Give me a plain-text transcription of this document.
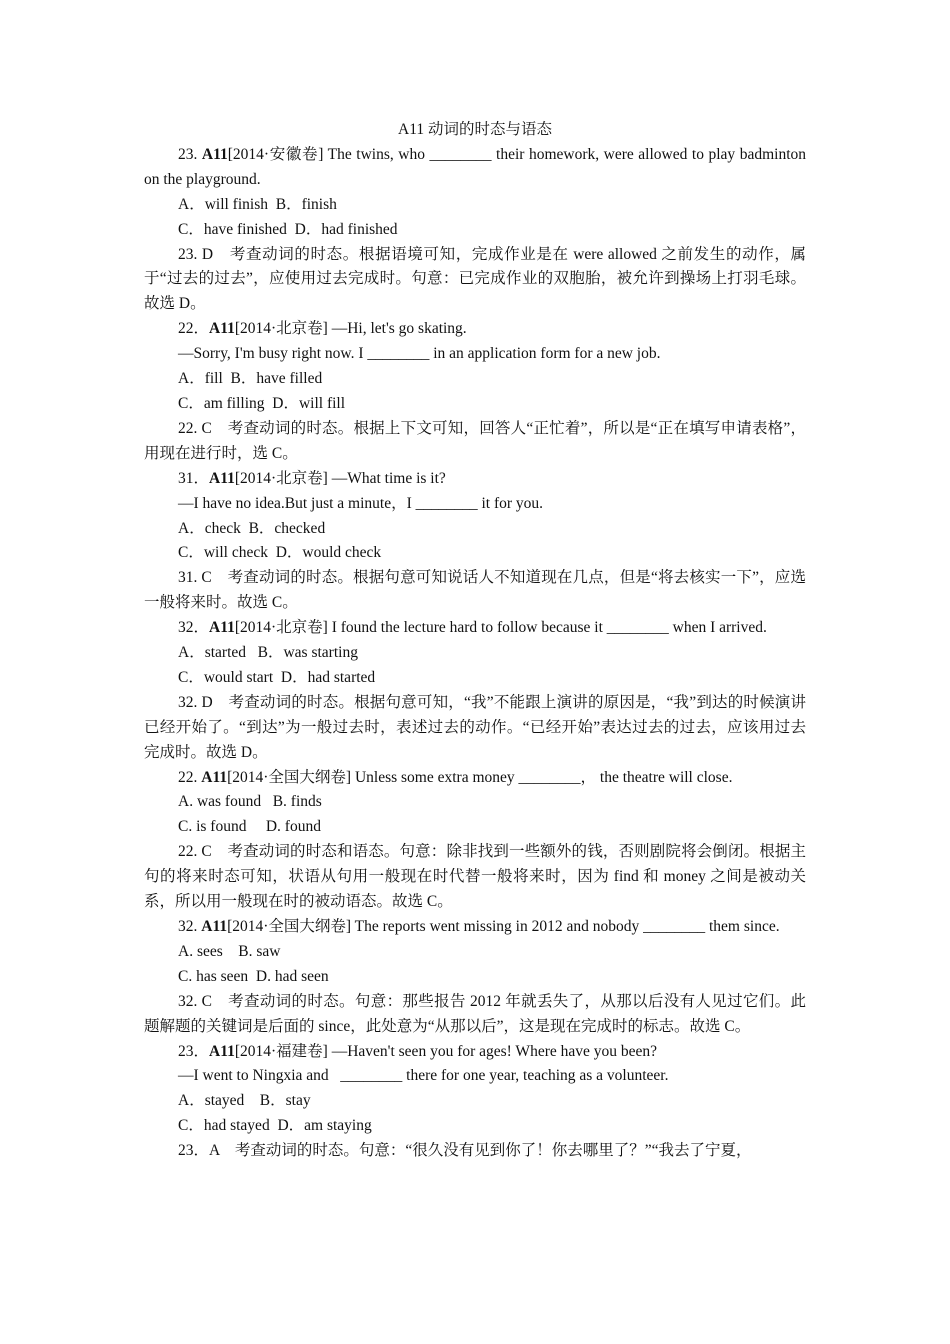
A11 动词的时态与语态

23. A11[2014·安徽卷] The twins, who ________ their homework, were allowed to play badminton on the playground.

A．will finish  B．finish

C．have finished  D．had finished

23. D　考查动词的时态。根据语境可知，完成作业是在 were allowed 之前发生的动作，属于“过去的过去”，应使用过去完成时。句意：已完成作业的双胞胎，被允许到操场上打羽毛球。故选 D。

22．A11[2014·北京卷] —Hi, let's go skating.

—Sorry, I'm busy right now. I ________ in an application form for a new job.

A．fill  B．have filled

C．am filling  D．will fill

22. C　考查动词的时态。根据上下文可知，回答人“正忙着”，所以是“正在填写申请表格”，用现在进行时，选 C。

31．A11[2014·北京卷] —What time is it?

—I have no idea.But just a minute，I ________ it for you.

A．check  B．checked

C．will check  D．would check

31. C　考查动词的时态。根据句意可知说话人不知道现在几点，但是“将去核实一下”，应选一般将来时。故选 C。

32．A11[2014·北京卷] I found the lecture hard to follow because it ________ when I arrived.

A．started   B．was starting

C．would start  D．had started

32. D　考查动词的时态。根据句意可知，“我”不能跟上演讲的原因是，“我”到达的时候演讲已经开始了。“到达”为一般过去时，表述过去的动作。“已经开始”表达过去的过去，应该用过去完成时。故选 D。

22. A11[2014·全国大纲卷] Unless some extra money ________， the theatre will close.

A. was found   B. finds

C. is found     D. found

22. C　考查动词的时态和语态。句意：除非找到一些额外的钱，否则剧院将会倒闭。根据主句的将来时态可知，状语从句用一般现在时代替一般将来时，因为 find 和 money 之间是被动关系，所以用一般现在时的被动语态。故选 C。

32. A11[2014·全国大纲卷] The reports went missing in 2012 and nobody ________ them since.

A. sees    B. saw

C. has seen  D. had seen

32. C　考查动词的时态。句意：那些报告 2012 年就丢失了，从那以后没有人见过它们。此题解题的关键词是后面的 since，此处意为“从那以后”，这是现在完成时的标志。故选 C。

23．A11[2014·福建卷] —Haven't seen you for ages! Where have you been?

—I went to Ningxia and   ________ there for one year, teaching as a volunteer.

A．stayed    B．stay

C．had stayed  D．am staying

23．A　考查动词的时态。句意：“很久没有见到你了！你去哪里了？”“我去了宁夏，
